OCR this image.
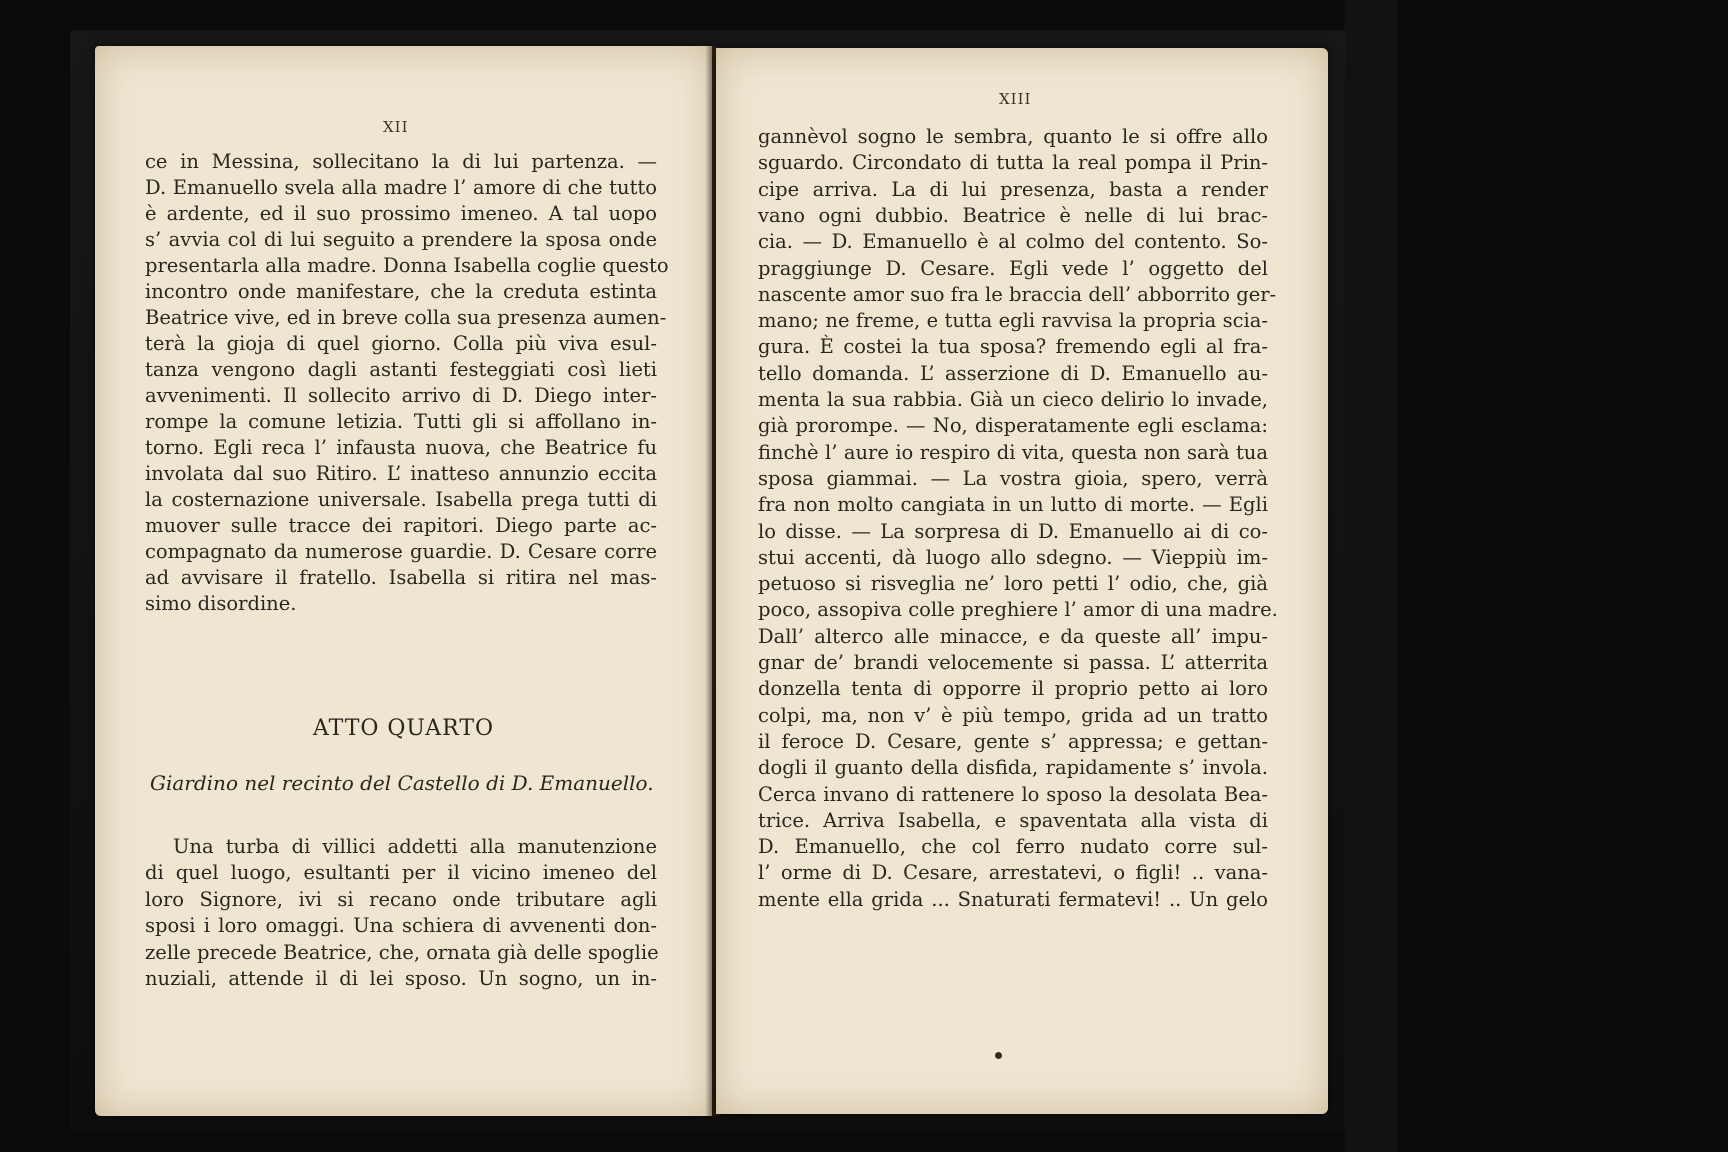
XII
ce in Messina, sollecitano la di lui partenza. —
D. Emanuello svela alla madre l’ amore di che tutto
è ardente, ed il suo prossimo imeneo. A tal uopo
s’ avvia col di lui seguito a prendere la sposa onde
presentarla alla madre. Donna Isabella coglie questo
incontro onde manifestare, che la creduta estinta
Beatrice vive, ed in breve colla sua presenza aumen-
terà la gioja di quel giorno. Colla più viva esul-
tanza vengono dagli astanti festeggiati così lieti
avvenimenti. Il sollecito arrivo di D. Diego inter-
rompe la comune letizia. Tutti gli si affollano in-
torno. Egli reca l’ infausta nuova, che Beatrice fu
involata dal suo Ritiro. L’ inatteso annunzio eccita
la costernazione universale. Isabella prega tutti di
muover sulle tracce dei rapitori. Diego parte ac-
compagnato da numerose guardie. D. Cesare corre
ad avvisare il fratello. Isabella si ritira nel mas-
simo disordine.
ATTO QUARTO
Giardino nel recinto del Castello di D. Emanuello.
Una turba di villici addetti alla manutenzione
di quel luogo, esultanti per il vicino imeneo del
loro Signore, ivi si recano onde tributare agli
sposi i loro omaggi. Una schiera di avvenenti don-
zelle precede Beatrice, che, ornata già delle spoglie
nuziali, attende il di lei sposo. Un sogno, un in-
XIII
gannèvol sogno le sembra, quanto le si offre allo
sguardo. Circondato di tutta la real pompa il Prin-
cipe arriva. La di lui presenza, basta a render
vano ogni dubbio. Beatrice è nelle di lui brac-
cia. — D. Emanuello è al colmo del contento. So-
praggiunge D. Cesare. Egli vede l’ oggetto del
nascente amor suo fra le braccia dell’ abborrito ger-
mano; ne freme, e tutta egli ravvisa la propria scia-
gura. È costei la tua sposa? fremendo egli al fra-
tello domanda. L’ asserzione di D. Emanuello au-
menta la sua rabbia. Già un cieco delirio lo invade,
già prorompe. — No, disperatamente egli esclama:
finchè l’ aure io respiro di vita, questa non sarà tua
sposa giammai. — La vostra gioia, spero, verrà
fra non molto cangiata in un lutto di morte. — Egli
lo disse. — La sorpresa di D. Emanuello ai di co-
stui accenti, dà luogo allo sdegno. — Vieppiù im-
petuoso si risveglia ne’ loro petti l’ odio, che, già
poco, assopiva colle preghiere l’ amor di una madre.
Dall’ alterco alle minacce, e da queste all’ impu-
gnar de’ brandi velocemente si passa. L’ atterrita
donzella tenta di opporre il proprio petto ai loro
colpi, ma, non v’ è più tempo, grida ad un tratto
il feroce D. Cesare, gente s’ appressa; e gettan-
dogli il guanto della disfida, rapidamente s’ invola.
Cerca invano di rattenere lo sposo la desolata Bea-
trice. Arriva Isabella, e spaventata alla vista di
D. Emanuello, che col ferro nudato corre sul-
l’ orme di D. Cesare, arrestatevi, o figli! .. vana-
mente ella grida ... Snaturati fermatevi! .. Un gelo
